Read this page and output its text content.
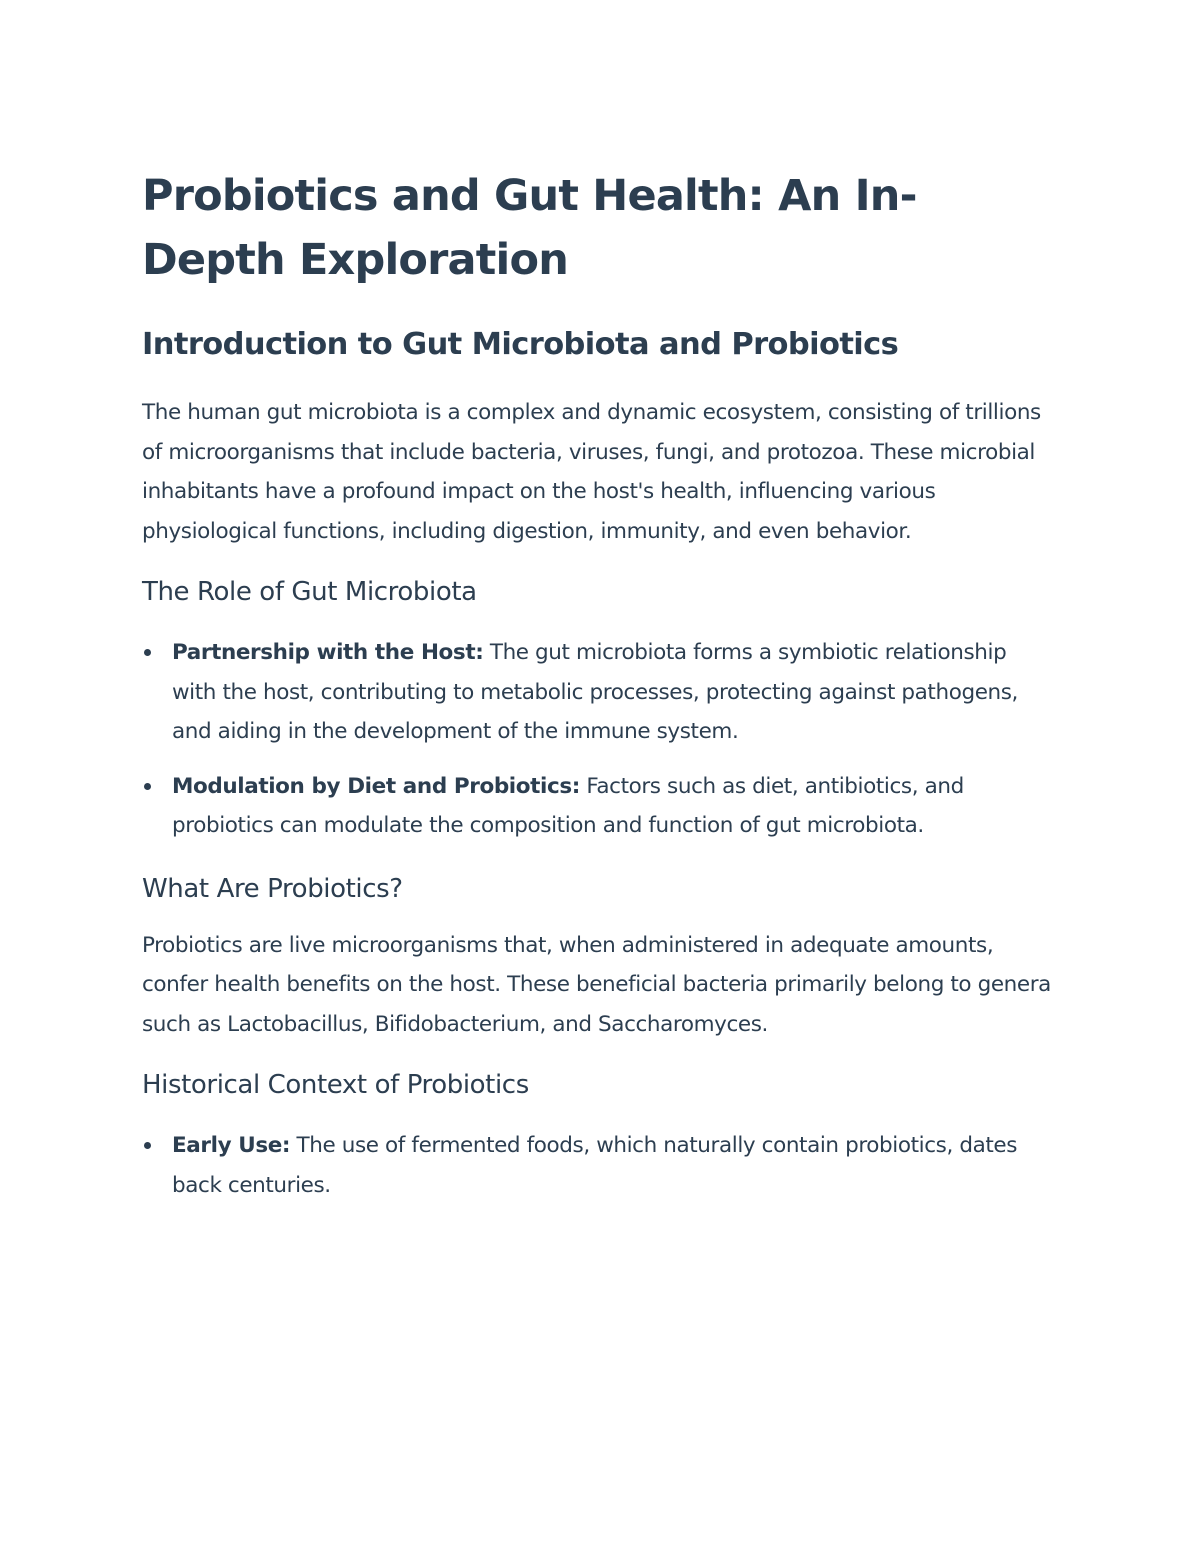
Probiotics and Gut Health: An In-Depth Exploration
Introduction to Gut Microbiota and Probiotics

The human gut microbiota is a complex and dynamic ecosystem, consisting of trillions of microorganisms that include bacteria, viruses, fungi, and protozoa. These microbial inhabitants have a profound impact on the host's health, influencing various physiological functions, including digestion, immunity, and even behavior.

The Role of Gut Microbiota
Partnership with the Host: The gut microbiota forms a symbiotic relationship with the host, contributing to metabolic processes, protecting against pathogens, and aiding in the development of the immune system.
Modulation by Diet and Probiotics: Factors such as diet, antibiotics, and probiotics can modulate the composition and function of gut microbiota.
What Are Probiotics?

Probiotics are live microorganisms that, when administered in adequate amounts, confer health benefits on the host. These beneficial bacteria primarily belong to genera such as Lactobacillus, Bifidobacterium, and Saccharomyces.

Historical Context of Probiotics
Early Use: The use of fermented foods, which naturally contain probiotics, dates back centuries.
